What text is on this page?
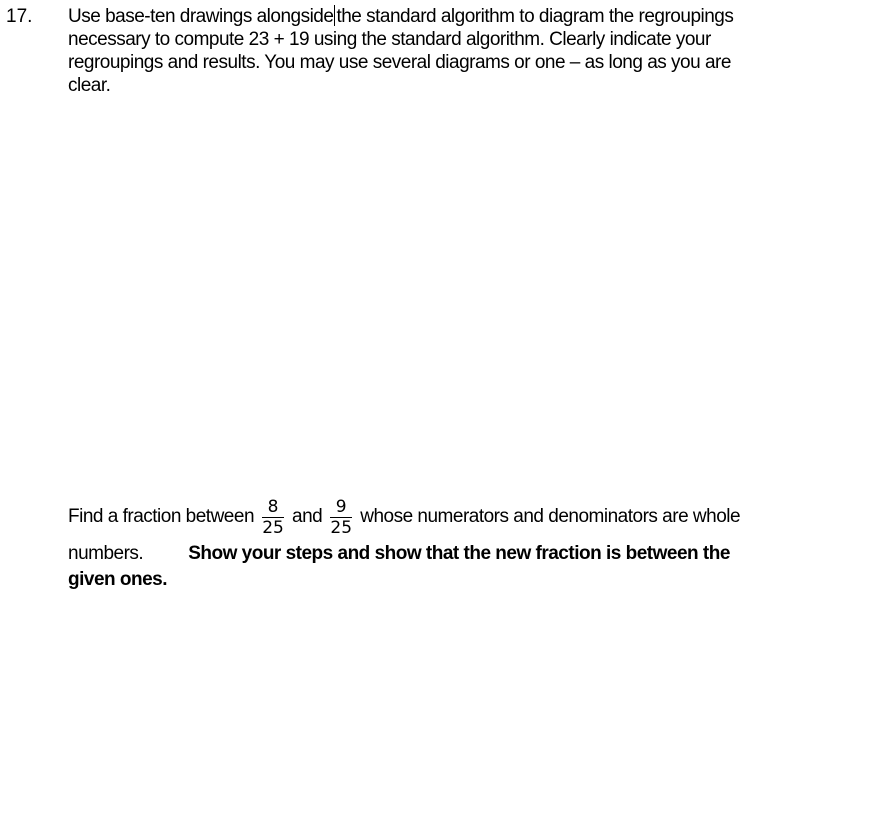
17. Use base-ten drawings alongside the standard algorithm to diagram the regroupings
necessary to compute 23 + 19 using the standard algorithm. Clearly indicate your
regroupings and results. You may use several diagrams or one – as long as you are
clear.
Find a fraction between $\frac{8}{25}$ and $\frac{9}{25}$ whose numerators and denominators are whole
numbers. Show your steps and show that the new fraction is between the
given ones.
